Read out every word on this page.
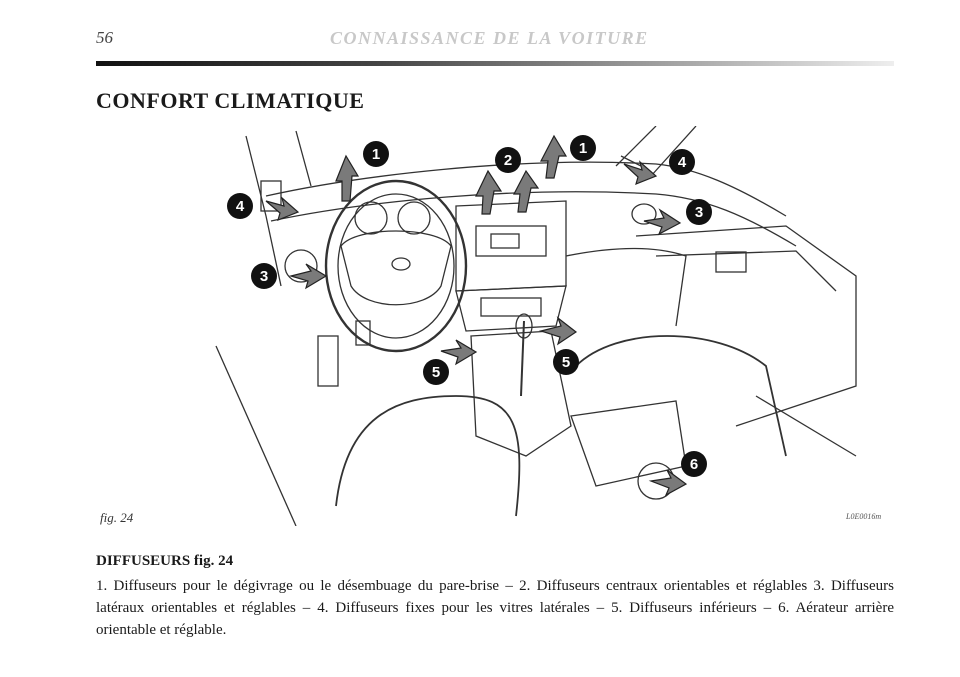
56	CONNAISSANCE DE LA VOITURE
CONFORT CLIMATIQUE
1	1
2
3
3
4
4
5
5
6
fig. 24	L0E0016m
DIFFUSEURS fig. 24
1. Diffuseurs pour le dégivrage ou le désembuage du pare-brise – 2. Diffuseurs centraux orientables et réglables 3. Diffuseurs latéraux orientables et réglables – 4. Diffuseurs fixes pour les vitres latérales – 5. Diffuseurs inférieurs – 6. Aérateur arrière orientable et réglable.
